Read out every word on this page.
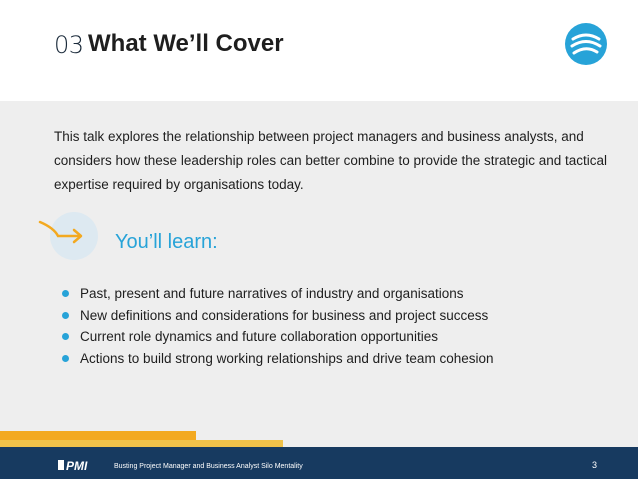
03 What We’ll Cover
This talk explores the relationship between project managers and business analysts, and considers how these leadership roles can better combine to provide the strategic and tactical expertise required by organisations today.
You’ll learn:
Past, present and future narratives of industry and organisations
New definitions and considerations for business and project success
Current role dynamics and future collaboration opportunities
Actions to build strong working relationships and drive team cohesion
PMI	Busting Project Manager and Business Analyst Silo Mentality	3
